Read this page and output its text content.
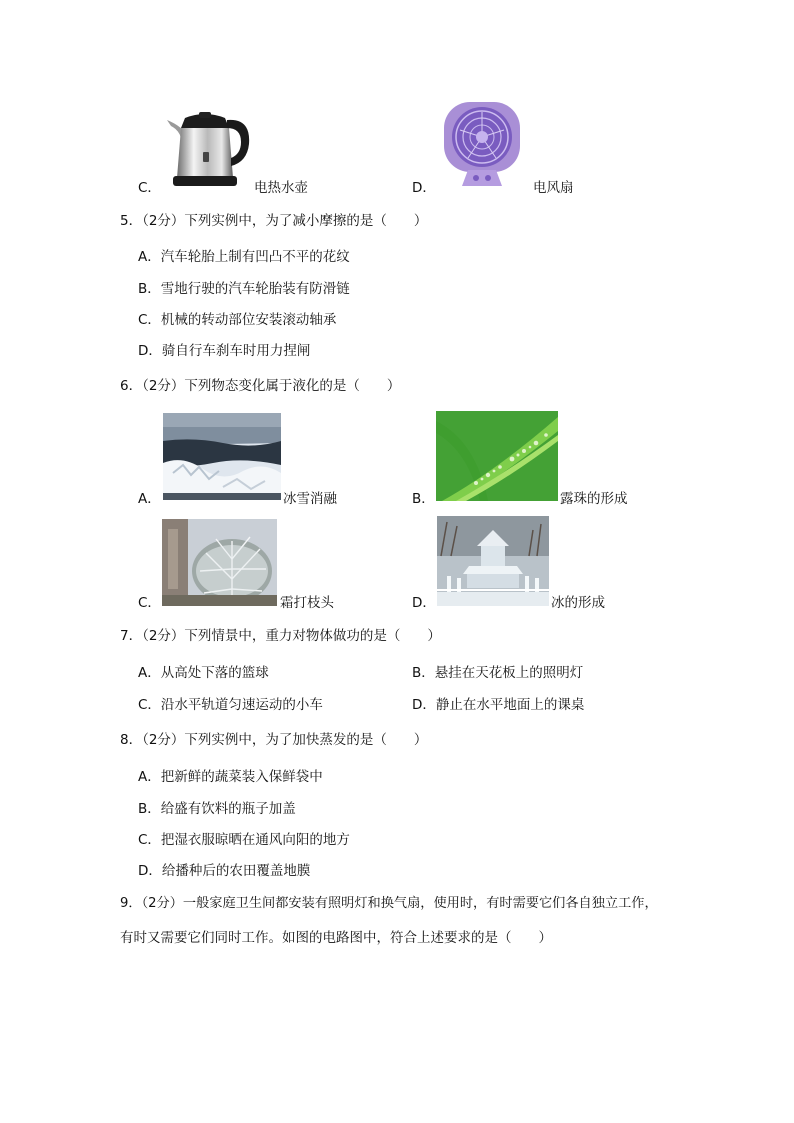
C．	电热水壶	D．	电风扇
5．（2分）下列实例中，为了减小摩擦的是（　　）
A．汽车轮胎上制有凹凸不平的花纹
B．雪地行驶的汽车轮胎装有防滑链
C．机械的转动部位安装滚动轴承
D．骑自行车刹车时用力捏闸
6．（2分）下列物态变化属于液化的是（　　）
A．	冰雪消融	B．	露珠的形成
C．	霜打枝头	D．	冰的形成
7．（2分）下列情景中，重力对物体做功的是（　　）
A．从高处下落的篮球	B．悬挂在天花板上的照明灯
C．沿水平轨道匀速运动的小车	D．静止在水平地面上的课桌
8．（2分）下列实例中，为了加快蒸发的是（　　）
A．把新鲜的蔬菜装入保鲜袋中
B．给盛有饮料的瓶子加盖
C．把湿衣服晾晒在通风向阳的地方
D．给播种后的农田覆盖地膜
9．（2分）一般家庭卫生间都安装有照明灯和换气扇，使用时，有时需要它们各自独立工作，
有时又需要它们同时工作。如图的电路图中，符合上述要求的是（　　）
